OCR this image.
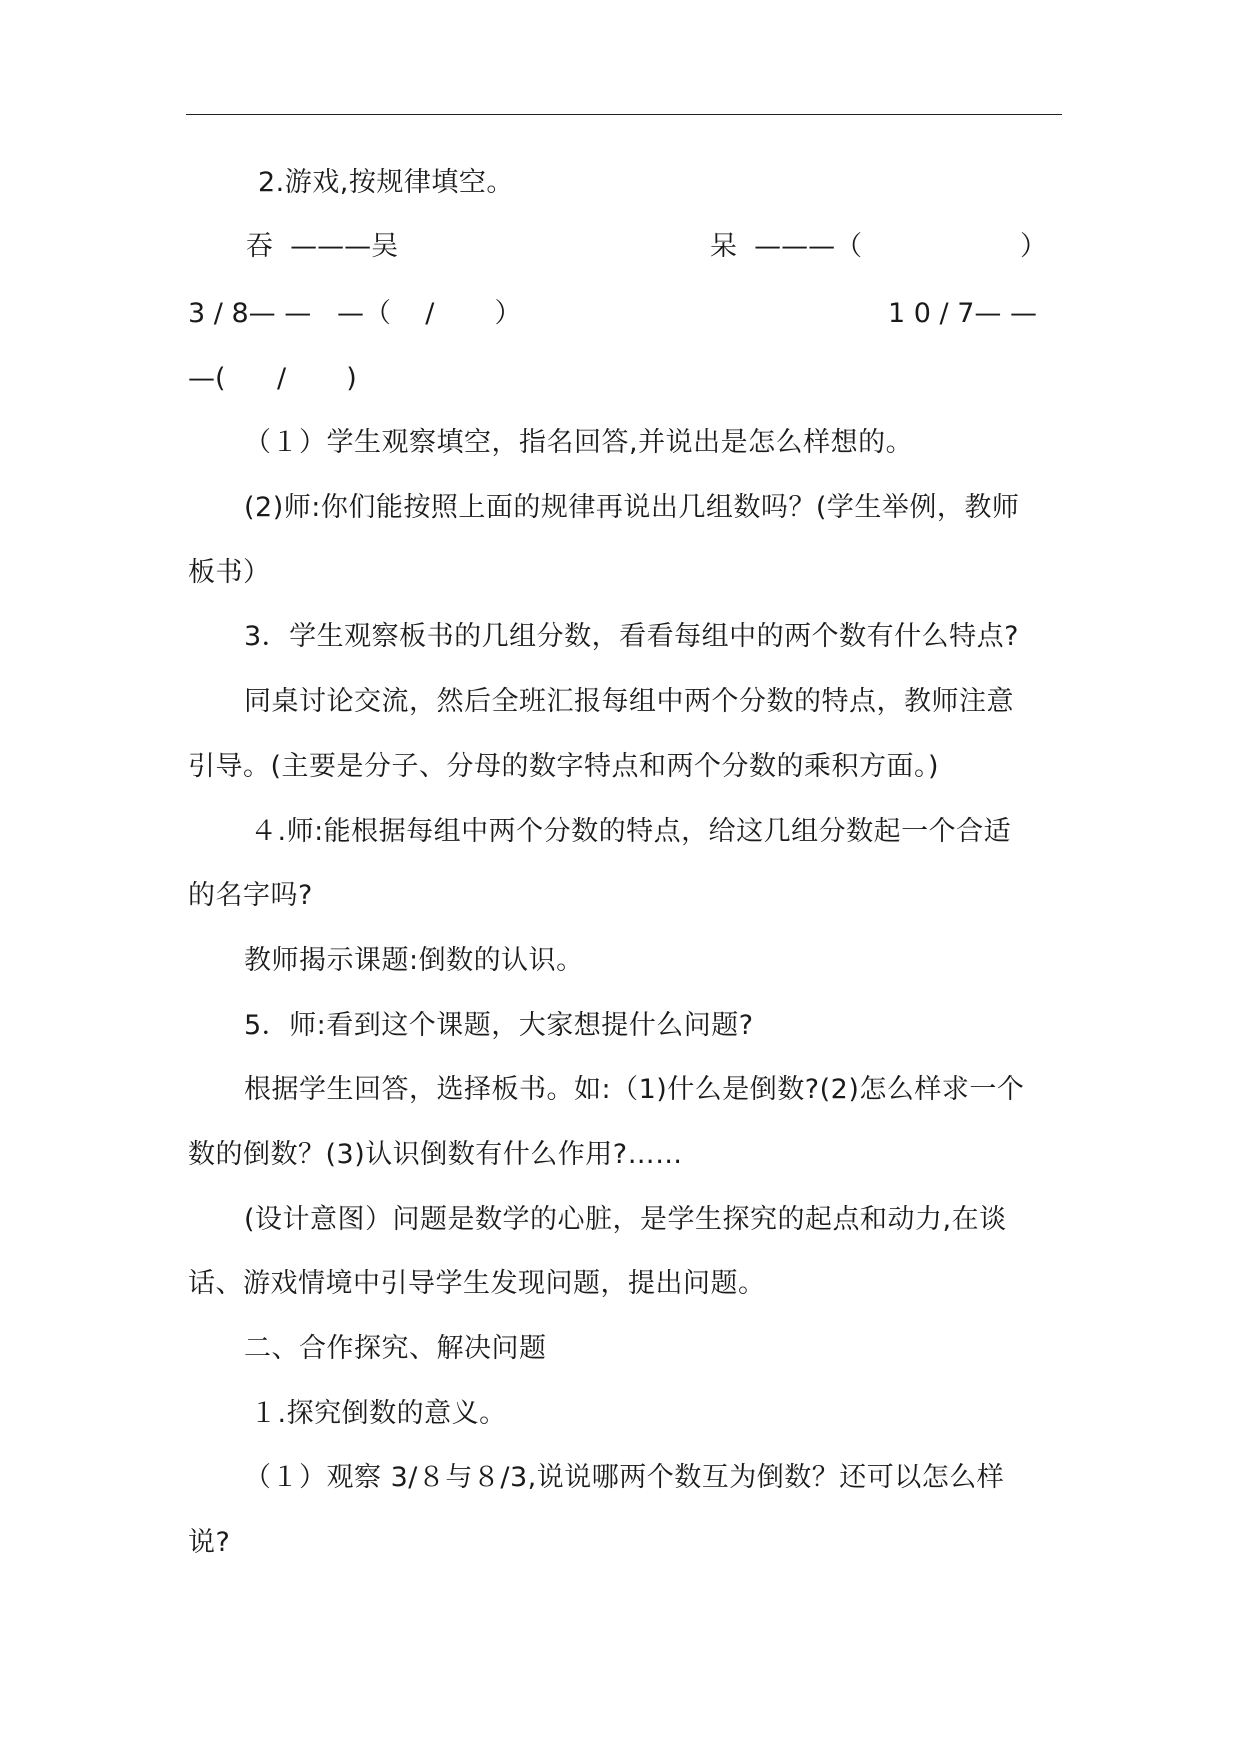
2.游戏,按规律填空。
吞  ———吴	呆  ———（	）
3 / 8— —   —（    /       ）	1 0 / 7— —
—(      /       )
（１）学生观察填空，指名回答,并说出是怎么样想的。
(2)师:你们能按照上面的规律再说出几组数吗？(学生举例，教师
板书）
3．学生观察板书的几组分数，看看每组中的两个数有什么特点?
同桌讨论交流，然后全班汇报每组中两个分数的特点，教师注意
引导。(主要是分子、分母的数字特点和两个分数的乘积方面。)
４.师:能根据每组中两个分数的特点，给这几组分数起一个合适
的名字吗?
教师揭示课题:倒数的认识。
5．师:看到这个课题，大家想提什么问题?
根据学生回答，选择板书。如:（1)什么是倒数?(2)怎么样求一个
数的倒数？(3)认识倒数有什么作用?……
(设计意图）问题是数学的心脏，是学生探究的起点和动力,在谈
话、游戏情境中引导学生发现问题，提出问题。
二、合作探究、解决问题
１.探究倒数的意义。
（１）观察 3/８与８/3,说说哪两个数互为倒数？还可以怎么样
说?
